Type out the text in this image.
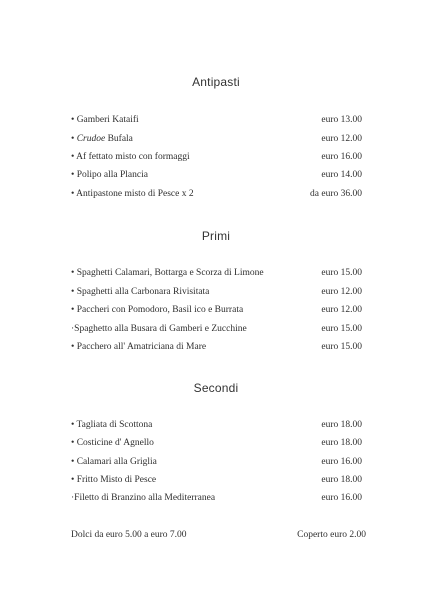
Antipasti
• Gamberi Kataifi	euro 13.00
• Crudoe Bufala	euro 12.00
• Af fettato misto con formaggi	euro 16.00
• Polipo alla Plancia	euro 14.00
• Antipastone misto di Pesce x 2	da euro 36.00
Primi
• Spaghetti Calamari, Bottarga e Scorza di Limone	euro 15.00
• Spaghetti alla Carbonara Rivisitata	euro 12.00
• Paccheri con Pomodoro, Basil ico e Burrata	euro 12.00
·Spaghetto alla Busara di Gamberi e Zucchine	euro 15.00
• Pacchero all' Amatriciana di Mare	euro 15.00
Secondi
• Tagliata di Scottona	euro 18.00
• Costicine d' Agnello	euro 18.00
• Calamari alla Griglia	euro 16.00
• Fritto Misto di Pesce	euro 18.00
·Filetto di Branzino alla Mediterranea	euro 16.00
Dolci da euro 5.00 a euro 7.00	Coperto euro 2.00
